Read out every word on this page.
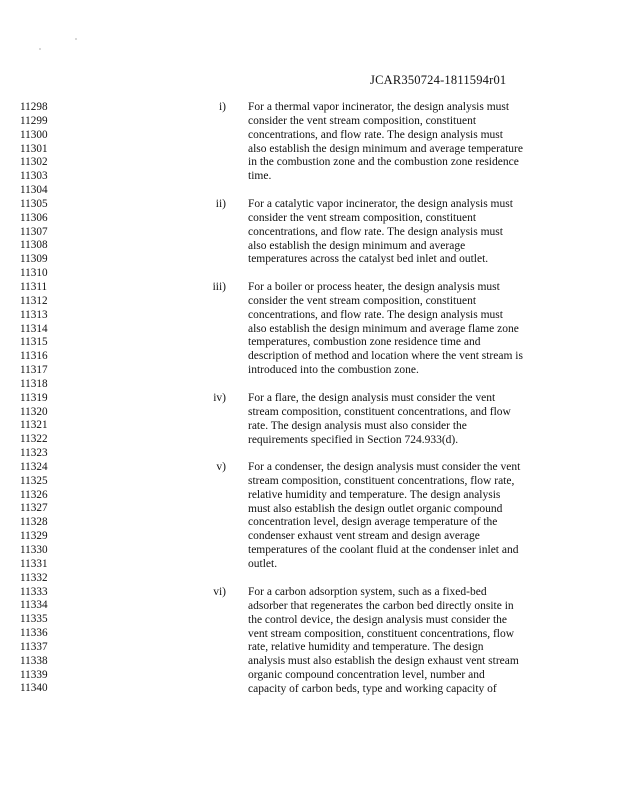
JCAR350724-1811594r01
11298
11299
11300
11301
11302
11303
11304
11305
11306
11307
11308
11309
11310
11311
11312
11313
11314
11315
11316
11317
11318
11319
11320
11321
11322
11323
11324
11325
11326
11327
11328
11329
11330
11331
11332
11333
11334
11335
11336
11337
11338
11339
11340
i) For a thermal vapor incinerator, the design analysis must
consider the vent stream composition, constituent
concentrations, and flow rate. The design analysis must
also establish the design minimum and average temperature
in the combustion zone and the combustion zone residence
time.
ii) For a catalytic vapor incinerator, the design analysis must
consider the vent stream composition, constituent
concentrations, and flow rate. The design analysis must
also establish the design minimum and average
temperatures across the catalyst bed inlet and outlet.
iii) For a boiler or process heater, the design analysis must
consider the vent stream composition, constituent
concentrations, and flow rate. The design analysis must
also establish the design minimum and average flame zone
temperatures, combustion zone residence time and
description of method and location where the vent stream is
introduced into the combustion zone.
iv) For a flare, the design analysis must consider the vent
stream composition, constituent concentrations, and flow
rate. The design analysis must also consider the
requirements specified in Section 724.933(d).
v) For a condenser, the design analysis must consider the vent
stream composition, constituent concentrations, flow rate,
relative humidity and temperature. The design analysis
must also establish the design outlet organic compound
concentration level, design average temperature of the
condenser exhaust vent stream and design average
temperatures of the coolant fluid at the condenser inlet and
outlet.
vi) For a carbon adsorption system, such as a fixed-bed
adsorber that regenerates the carbon bed directly onsite in
the control device, the design analysis must consider the
vent stream composition, constituent concentrations, flow
rate, relative humidity and temperature. The design
analysis must also establish the design exhaust vent stream
organic compound concentration level, number and
capacity of carbon beds, type and working capacity of
